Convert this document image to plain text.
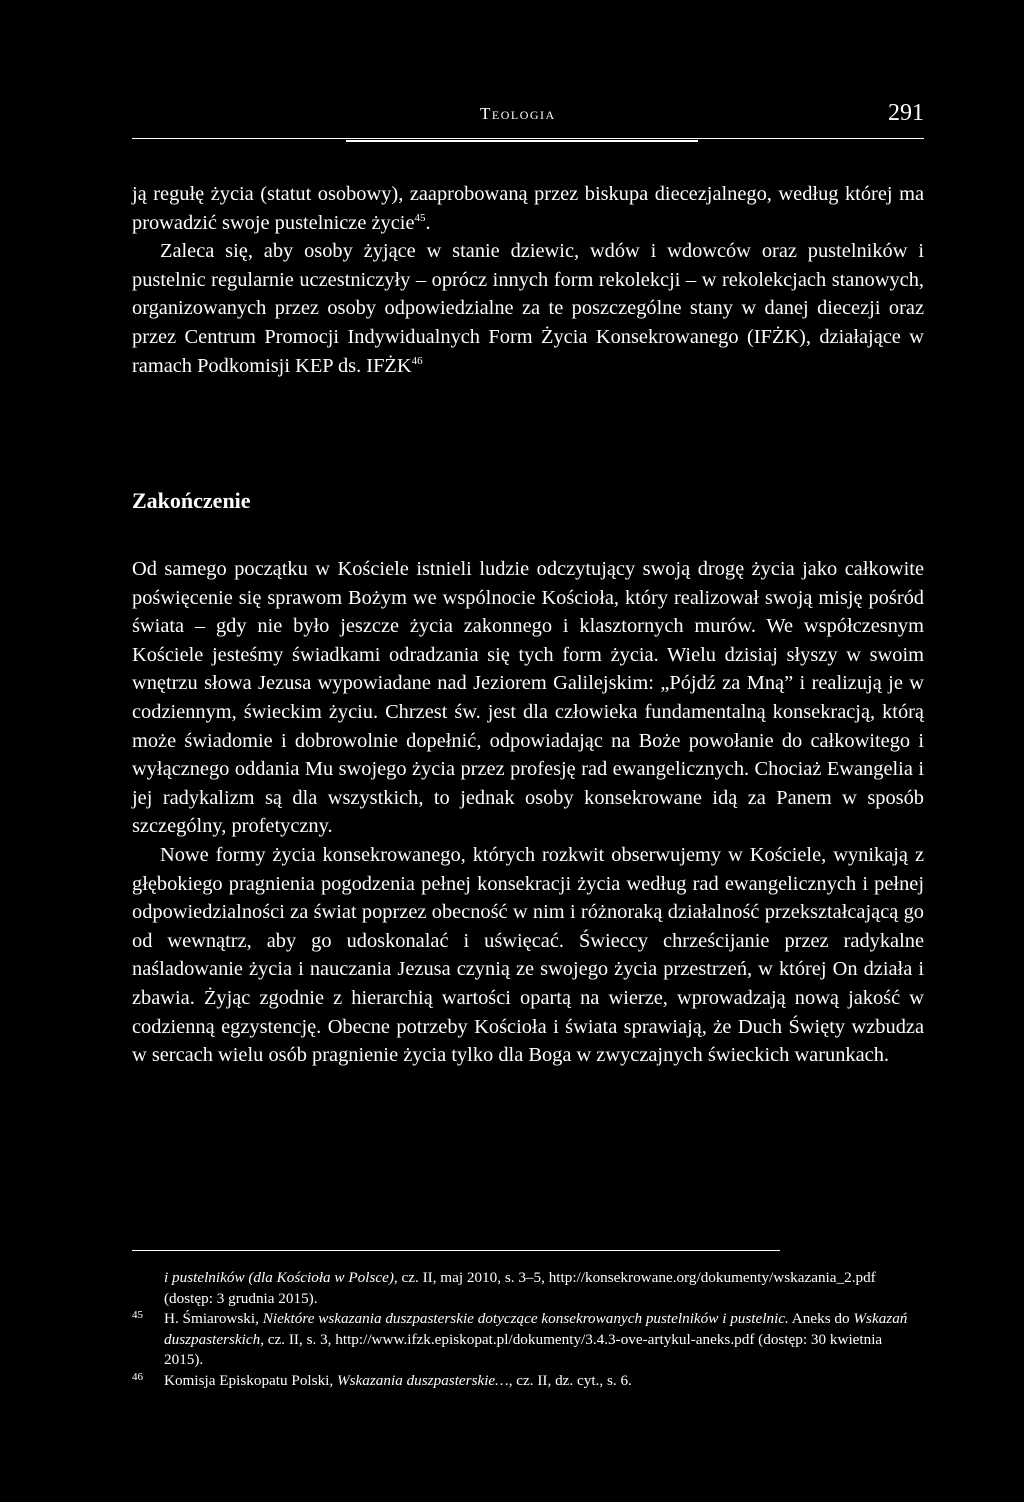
Teologia	291

ją regułę życia (statut osobowy), zaaprobowaną przez biskupa diecezjalnego, według której ma prowadzić swoje pustelnicze życie$^{45}$.

Zaleca się, aby osoby żyjące w stanie dziewic, wdów i wdowców oraz pustelników i pustelnic regularnie uczestniczyły – oprócz innych form rekolekcji – w rekolekcjach stanowych, organizowanych przez osoby odpowiedzialne za te poszczególne stany w danej diecezji oraz przez Centrum Promocji Indywidualnych Form Życia Konsekrowanego (IFŻK), działające w ramach Podkomisji KEP ds. IFŻK$^{46}$

Zakończenie

Od samego początku w Kościele istnieli ludzie odczytujący swoją drogę życia jako całkowite poświęcenie się sprawom Bożym we wspólnocie Kościoła, który realizował swoją misję pośród świata – gdy nie było jeszcze życia zakonnego i klasztornych murów. We współczesnym Kościele jesteśmy świadkami odradzania się tych form życia. Wielu dzisiaj słyszy w swoim wnętrzu słowa Jezusa wypowiadane nad Jeziorem Galilejskim: „Pójdź za Mną” i realizują je w codziennym, świeckim życiu. Chrzest św. jest dla człowieka fundamentalną konsekracją, którą może świadomie i dobrowolnie dopełnić, odpowiadając na Boże powołanie do całkowitego i wyłącznego oddania Mu swojego życia przez profesję rad ewangelicznych. Chociaż Ewangelia i jej radykalizm są dla wszystkich, to jednak osoby konsekrowane idą za Panem w sposób szczególny, profetyczny.

Nowe formy życia konsekrowanego, których rozkwit obserwujemy w Kościele, wynikają z głębokiego pragnienia pogodzenia pełnej konsekracji życia według rad ewangelicznych i pełnej odpowiedzialności za świat poprzez obecność w nim i różnoraką działalność przekształcającą go od wewnątrz, aby go udoskonalać i uświęcać. Świeccy chrześcijanie przez radykalne naśladowanie życia i nauczania Jezusa czynią ze swojego życia przestrzeń, w której On działa i zbawia. Żyjąc zgodnie z hierarchią wartości opartą na wierze, wprowadzają nową jakość w codzienną egzystencję. Obecne potrzeby Kościoła i świata sprawiają, że Duch Święty wzbudza w sercach wielu osób pragnienie życia tylko dla Boga w zwyczajnych świeckich warunkach.

i pustelników (dla Kościoła w Polsce), cz. II, maj 2010, s. 3–5, http://konsekrowane.org/dokumenty/wskazania_2.pdf (dostęp: 3 grudnia 2015).
45 H. Śmiarowski, Niektóre wskazania duszpasterskie dotyczące konsekrowanych pustelników i pustelnic. Aneks do Wskazań duszpasterskich, cz. II, s. 3, http://www.ifzk.episkopat.pl/dokumenty/3.4.3-ove-artykul-aneks.pdf (dostęp: 30 kwietnia 2015).
46 Komisja Episkopatu Polski, Wskazania duszpasterskie…, cz. II, dz. cyt., s. 6.
